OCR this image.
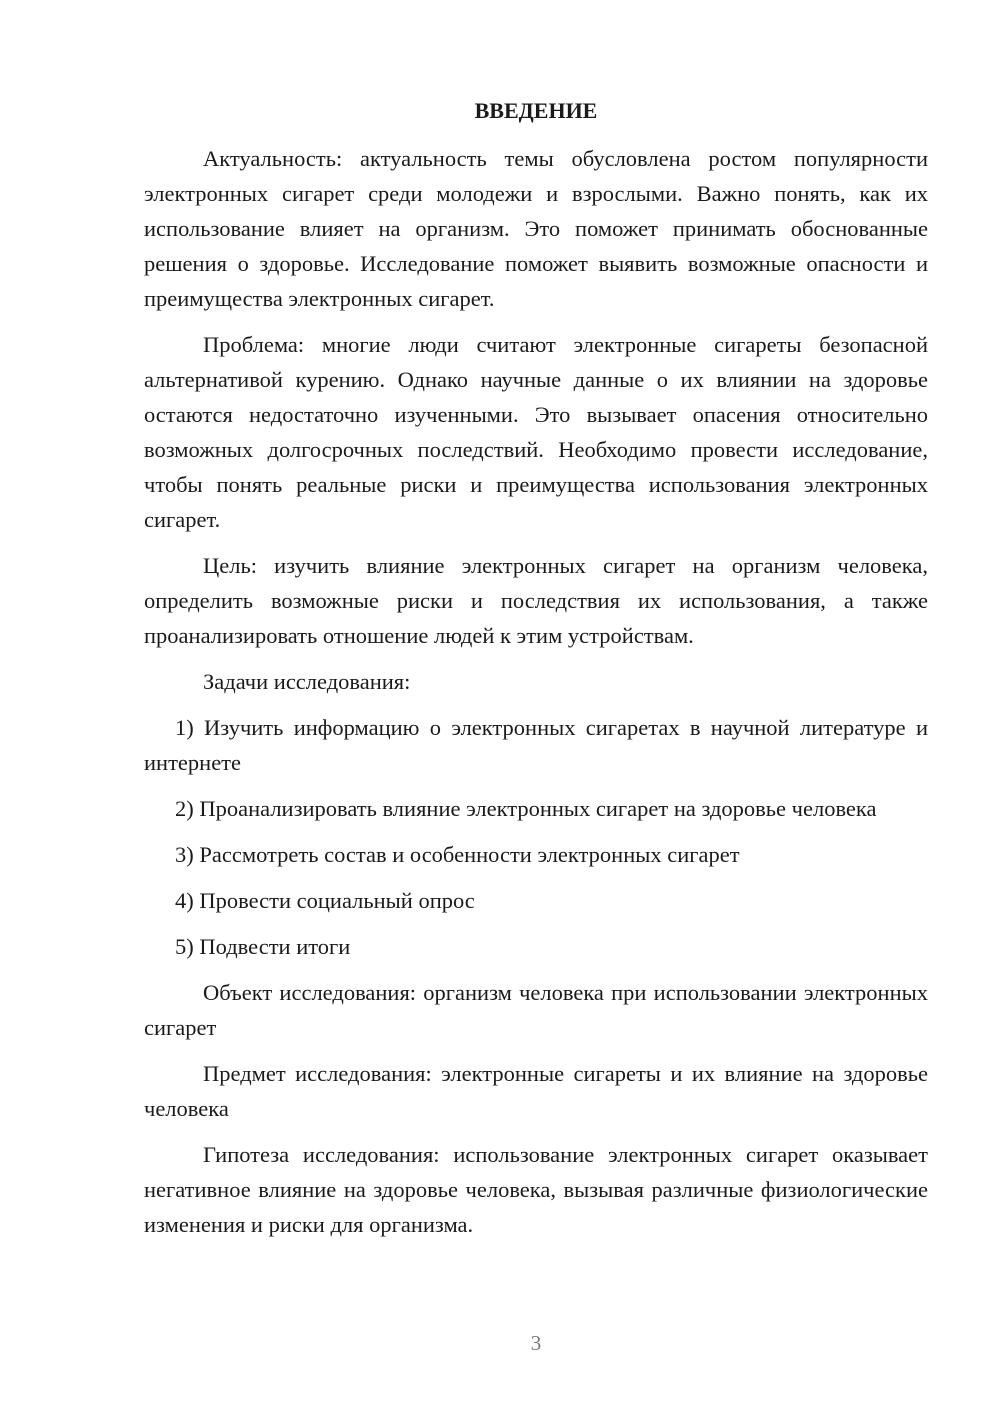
ВВЕДЕНИЕ

Актуальность: актуальность темы обусловлена ростом популярности электронных сигарет среди молодежи и взрослыми. Важно понять, как их использование влияет на организм. Это поможет принимать обоснованные решения о здоровье. Исследование поможет выявить возможные опасности и преимущества электронных сигарет.

Проблема: многие люди считают электронные сигареты безопасной альтернативой курению. Однако научные данные о их влиянии на здоровье остаются недостаточно изученными. Это вызывает опасения относительно возможных долгосрочных последствий. Необходимо провести исследование, чтобы понять реальные риски и преимущества использования электронных сигарет.

Цель: изучить влияние электронных сигарет на организм человека, определить возможные риски и последствия их использования, а также проанализировать отношение людей к этим устройствам.

Задачи исследования:

1) Изучить информацию о электронных сигаретах в научной литературе и интернете

2) Проанализировать влияние электронных сигарет на здоровье человека

3) Рассмотреть состав и особенности электронных сигарет

4) Провести социальный опрос

5) Подвести итоги

Объект исследования: организм человека при использовании электронных сигарет

Предмет исследования: электронные сигареты и их влияние на здоровье человека

Гипотеза исследования: использование электронных сигарет оказывает негативное влияние на здоровье человека, вызывая различные физиологические изменения и риски для организма.

3
